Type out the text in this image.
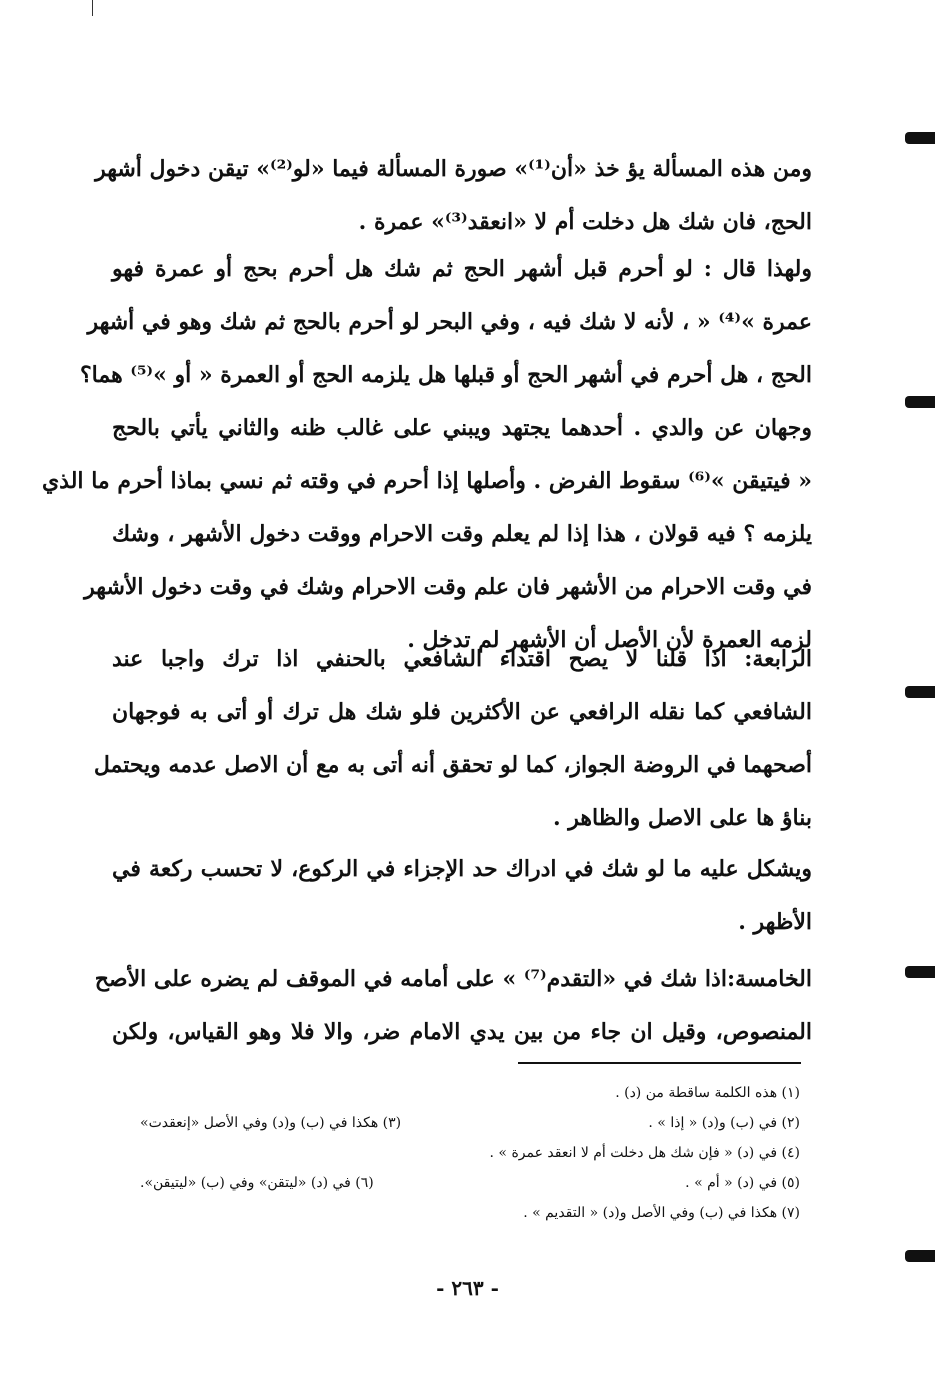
ومن هذه المسألة يؤ خذ «أن⁽¹⁾» صورة المسألة فيما «لو⁽²⁾» تيقن دخول أشهر
الحج، فان شك هل دخلت أم لا «انعقد⁽³⁾» عمرة .
ولهذا قال : لو أحرم قبل أشهر الحج ثم شك هل أحرم بحج أو عمرة فهو
عمرة »⁽⁴⁾ « ، لأنه لا شك فيه ، وفي البحر لو أحرم بالحج ثم شك وهو في أشهر
الحج ، هل أحرم في أشهر الحج أو قبلها هل يلزمه الحج أو العمرة « أو »⁽⁵⁾ هما؟
وجهان عن والدي . أحدهما يجتهد ويبني على غالب ظنه والثاني يأتي بالحج
« فيتيقن »⁽⁶⁾ سقوط الفرض . وأصلها إذا أحرم في وقته ثم نسي بماذا أحرم ما الذي
يلزمه ؟ فيه قولان ، هذا إذا لم يعلم وقت الاحرام ووقت دخول الأشهر ، وشك
في وقت الاحرام من الأشهر فان علم وقت الاحرام وشك في وقت دخول الأشهر
لزمه العمرة لأن الأصل أن الأشهر لم تدخل .
الرابعة: اذا قلنا لا يصح اقتداء الشافعي بالحنفي اذا ترك واجبا عند
الشافعي كما نقله الرافعي عن الأكثرين فلو شك هل ترك أو أتى به فوجهان
أصحهما في الروضة الجواز، كما لو تحقق أنه أتى به مع أن الاصل عدمه ويحتمل
بناؤ ها على الاصل والظاهر .
ويشكل عليه ما لو شك في ادراك حد الإجزاء في الركوع، لا تحسب ركعة في
الأظهر .
الخامسة:اذا شك في «التقدم⁽⁷⁾ » على أمامه في الموقف لم يضره على الأصح
المنصوص، وقيل ان جاء من بين يدي الامام ضر، والا فلا وهو القياس، ولكن
(١) هذه الكلمة ساقطة من (د) .
(٢) في (ب) و(د) « إذا » .
(٣) هكذا في (ب) و(د) وفي الأصل «إنعقدت»
(٤) في (د) « فإن شك هل دخلت أم لا انعقد عمرة » .
(٥) في (د) « أم » .
(٦) في (د) «ليتقن» وفي (ب) «ليتيقن».
(٧) هكذا في (ب) وفي الأصل و(د) « التقديم » .
- ٢٦٣ -
